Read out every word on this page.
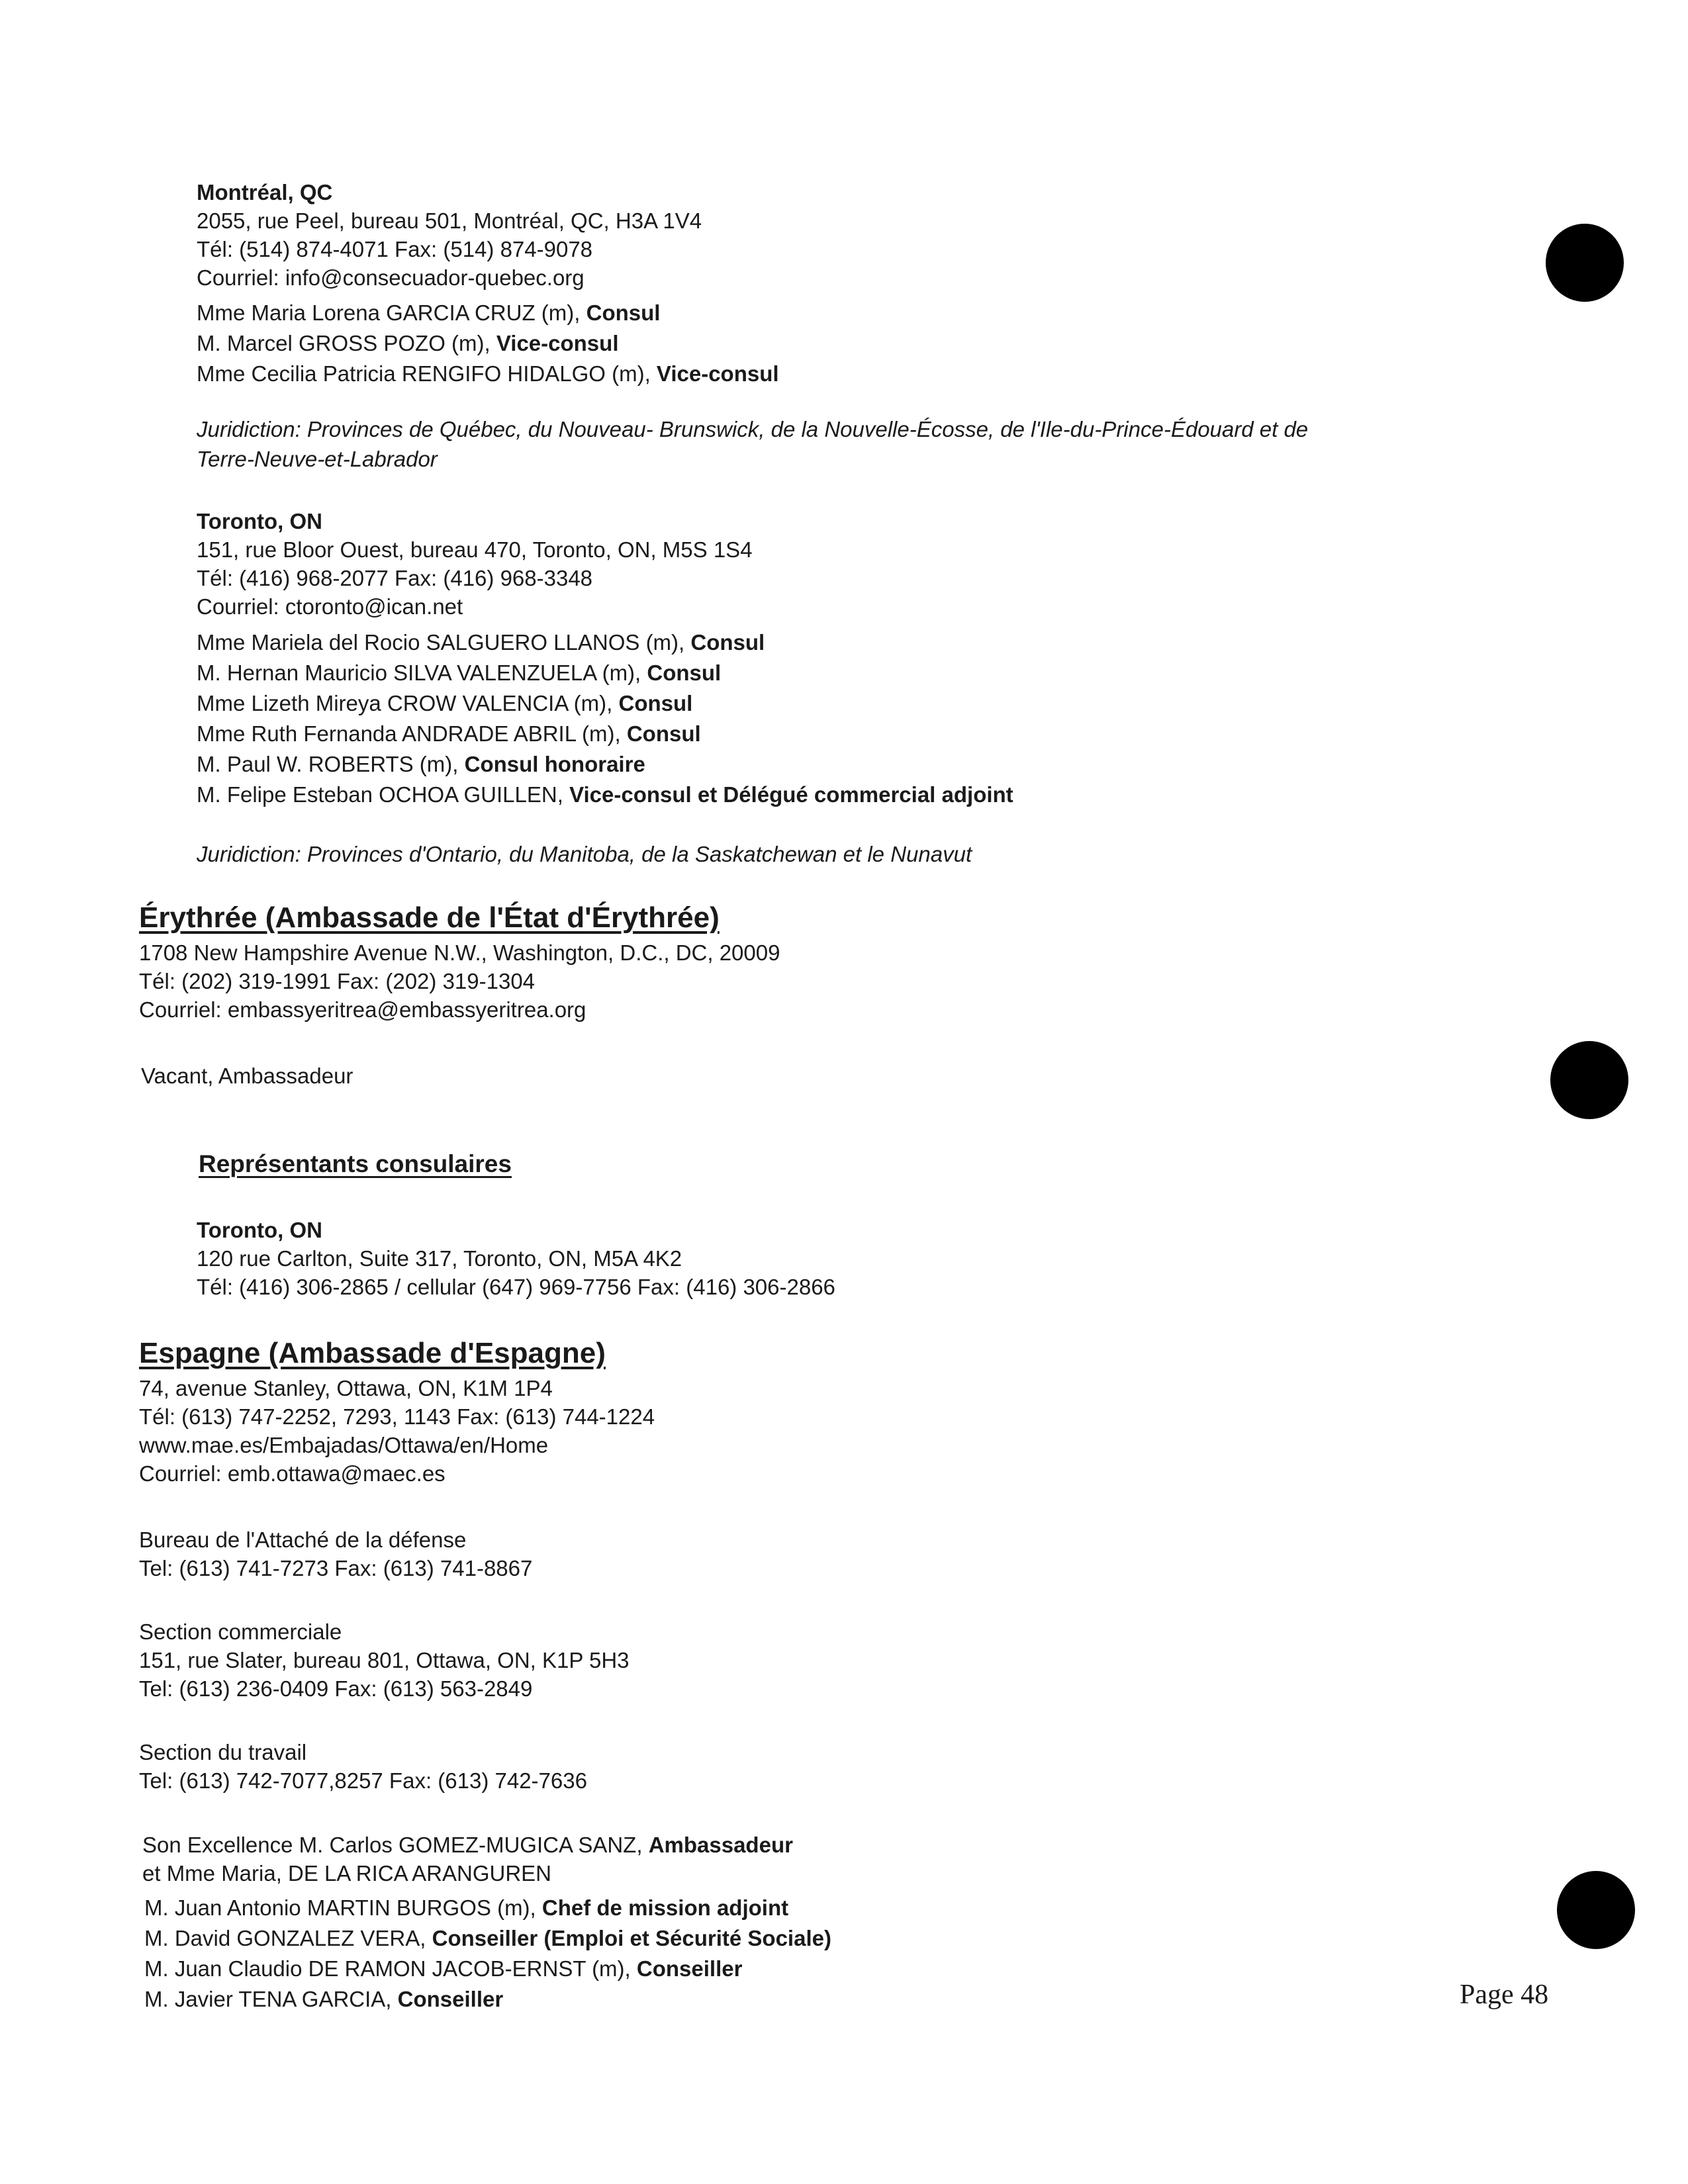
Montréal, QC
2055, rue Peel, bureau 501, Montréal, QC, H3A 1V4
Tél: (514) 874-4071 Fax: (514) 874-9078
Courriel: info@consecuador-quebec.org
Mme Maria Lorena GARCIA CRUZ (m), Consul
M. Marcel GROSS POZO (m), Vice-consul
Mme Cecilia Patricia RENGIFO HIDALGO (m), Vice-consul
Juridiction: Provinces de Québec, du Nouveau- Brunswick, de la Nouvelle-Écosse, de l'Ile-du-Prince-Édouard et de
Terre-Neuve-et-Labrador
Toronto, ON
151, rue Bloor Ouest, bureau 470, Toronto, ON, M5S 1S4
Tél: (416) 968-2077 Fax: (416) 968-3348
Courriel: ctoronto@ican.net
Mme Mariela del Rocio SALGUERO LLANOS (m), Consul
M. Hernan Mauricio SILVA VALENZUELA (m), Consul
Mme Lizeth Mireya CROW VALENCIA (m), Consul
Mme Ruth Fernanda ANDRADE ABRIL (m), Consul
M. Paul W. ROBERTS (m), Consul honoraire
M. Felipe Esteban OCHOA GUILLEN, Vice-consul et Délégué commercial adjoint
Juridiction: Provinces d'Ontario, du Manitoba, de la Saskatchewan et le Nunavut
Érythrée (Ambassade de l'État d'Érythrée)
1708 New Hampshire Avenue N.W., Washington, D.C., DC, 20009
Tél: (202) 319-1991 Fax: (202) 319-1304
Courriel: embassyeritrea@embassyeritrea.org
Vacant, Ambassadeur
Représentants consulaires
Toronto, ON
120 rue Carlton, Suite 317, Toronto, ON, M5A 4K2
Tél: (416) 306-2865 / cellular (647) 969-7756 Fax: (416) 306-2866
Espagne (Ambassade d'Espagne)
74, avenue Stanley, Ottawa, ON, K1M 1P4
Tél: (613) 747-2252, 7293, 1143 Fax: (613) 744-1224
www.mae.es/Embajadas/Ottawa/en/Home
Courriel: emb.ottawa@maec.es
Bureau de l'Attaché de la défense
Tel: (613) 741-7273 Fax: (613) 741-8867
Section commerciale
151, rue Slater, bureau 801, Ottawa, ON, K1P 5H3
Tel: (613) 236-0409 Fax: (613) 563-2849
Section du travail
Tel: (613) 742-7077,8257 Fax: (613) 742-7636
Son Excellence M. Carlos GOMEZ-MUGICA SANZ, Ambassadeur
et Mme Maria, DE LA RICA ARANGUREN
M. Juan Antonio MARTIN BURGOS (m), Chef de mission adjoint
M. David GONZALEZ VERA, Conseiller (Emploi et Sécurité Sociale)
M. Juan Claudio DE RAMON JACOB-ERNST (m), Conseiller
M. Javier TENA GARCIA, Conseiller	Page 48
